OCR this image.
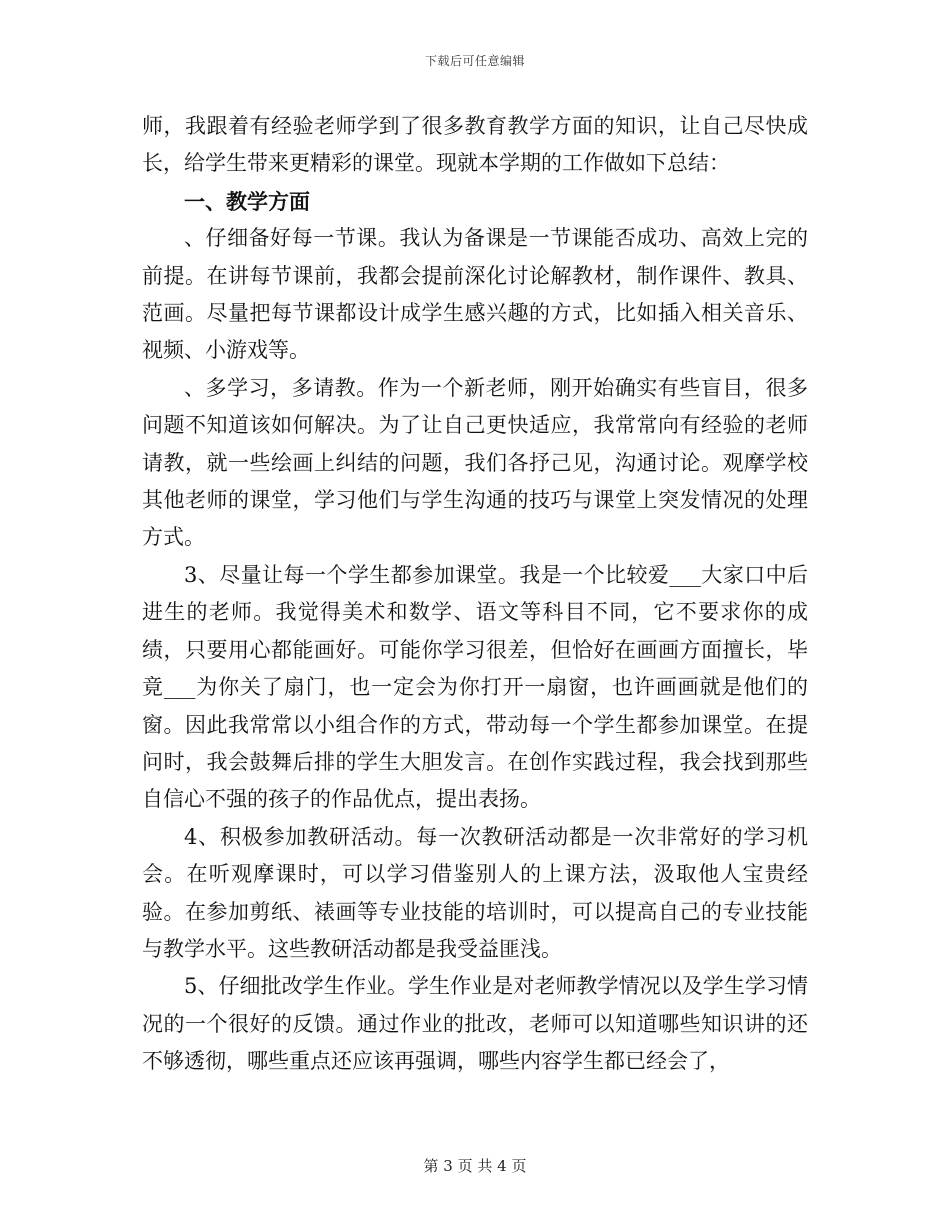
下载后可任意编辑

师，我跟着有经验老师学到了很多教育教学方面的知识，让自己尽快成长，给学生带来更精彩的课堂。现就本学期的工作做如下总结：

一、教学方面

、仔细备好每一节课。我认为备课是一节课能否成功、高效上完的前提。在讲每节课前，我都会提前深化讨论解教材，制作课件、教具、范画。尽量把每节课都设计成学生感兴趣的方式，比如插入相关音乐、视频、小游戏等。

、多学习，多请教。作为一个新老师，刚开始确实有些盲目，很多问题不知道该如何解决。为了让自己更快适应，我常常向有经验的老师请教，就一些绘画上纠结的问题，我们各抒己见，沟通讨论。观摩学校其他老师的课堂，学习他们与学生沟通的技巧与课堂上突发情况的处理方式。

3、尽量让每一个学生都参加课堂。我是一个比较爱___大家口中后进生的老师。我觉得美术和数学、语文等科目不同，它不要求你的成绩，只要用心都能画好。可能你学习很差，但恰好在画画方面擅长，毕竟___为你关了扇门，也一定会为你打开一扇窗，也许画画就是他们的窗。因此我常常以小组合作的方式，带动每一个学生都参加课堂。在提问时，我会鼓舞后排的学生大胆发言。在创作实践过程，我会找到那些自信心不强的孩子的作品优点，提出表扬。

4、积极参加教研活动。每一次教研活动都是一次非常好的学习机会。在听观摩课时，可以学习借鉴别人的上课方法，汲取他人宝贵经验。在参加剪纸、裱画等专业技能的培训时，可以提高自己的专业技能与教学水平。这些教研活动都是我受益匪浅。

5、仔细批改学生作业。学生作业是对老师教学情况以及学生学习情况的一个很好的反馈。通过作业的批改，老师可以知道哪些知识讲的还不够透彻，哪些重点还应该再强调，哪些内容学生都已经会了，

第 3 页 共 4 页
